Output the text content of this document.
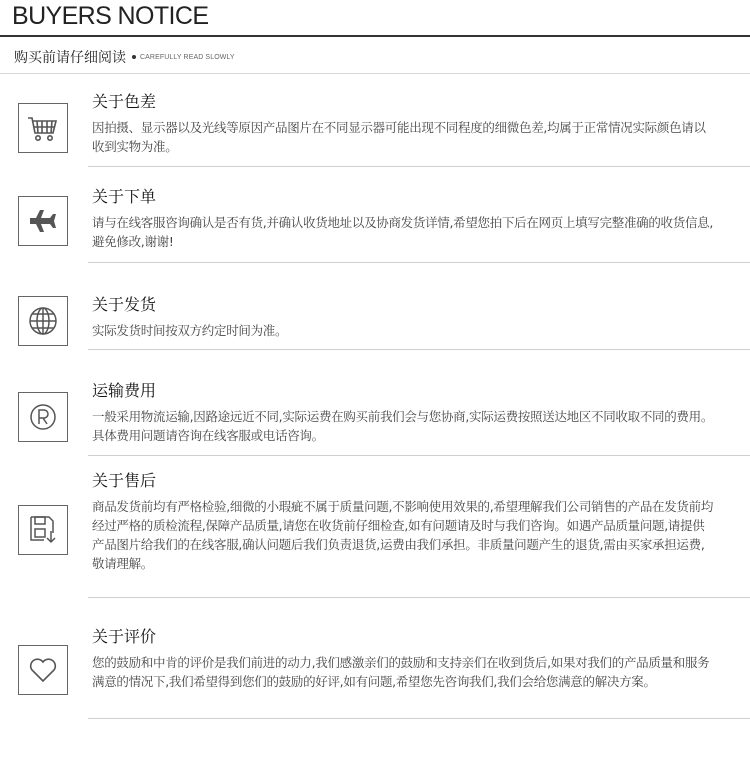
BUYERS NOTICE
购买前请仔细阅读 CAREFULLY READ SLOWLY
关于色差
因拍摄、显示器以及光线等原因产品图片在不同显示器可能出现不同程度的细微色差,均属于正常情况实际颜色请以收到实物为准。
关于下单
请与在线客服咨询确认是否有货,并确认收货地址以及协商发货详情,希望您拍下后在网页上填写完整准确的收货信息,避免修改,谢谢!
关于发货
实际发货时间按双方约定时间为准。
运输费用
一般采用物流运输,因路途远近不同,实际运费在购买前我们会与您协商,实际运费按照送达地区不同收取不同的费用。具体费用问题请咨询在线客服或电话咨询。
关于售后
商品发货前均有严格检验,细微的小瑕疵不属于质量问题,不影响使用效果的,希望理解我们公司销售的产品在发货前均经过严格的质检流程,保障产品质量,请您在收货前仔细检查,如有问题请及时与我们咨询。如遇产品质量问题,请提供 产品图片给我们的在线客服,确认问题后我们负责退货,运费由我们承担。非质量问题产生的退货,需由买家承担运费,敬请理解。
关于评价
您的鼓励和中肯的评价是我们前进的动力,我们感激亲们的鼓励和支持亲们在收到货后,如果对我们的产品质量和服务满意的情况下,我们希望得到您们的鼓励的好评,如有问题,希望您先咨询我们,我们会给您满意的解决方案。
